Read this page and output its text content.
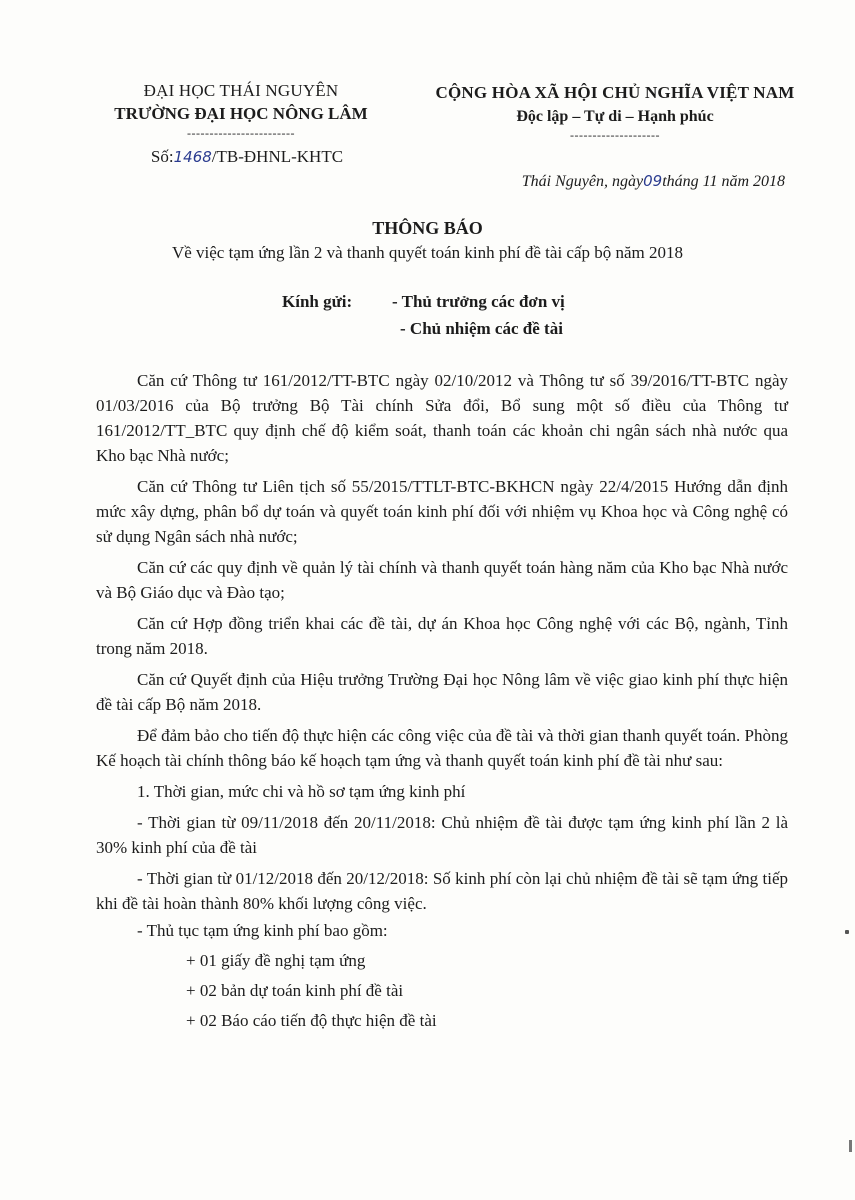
ĐẠI HỌC THÁI NGUYÊN
TRƯỜNG ĐẠI HỌC NÔNG LÂM
------------------------
Số:1468/TB-ĐHNL-KHTC
CỘNG HÒA XÃ HỘI CHỦ NGHĨA VIỆT NAM
Độc lập – Tự di – Hạnh phúc
--------------------
Thái Nguyên, ngày09tháng 11 năm 2018
THÔNG BÁO
Về việc tạm ứng lần 2 và thanh quyết toán kinh phí đề tài cấp bộ năm 2018
Kính gửi: - Thủ trưởng các đơn vị
- Chủ nhiệm các đề tài

Căn cứ Thông tư 161/2012/TT-BTC ngày 02/10/2012 và Thông tư số 39/2016/TT-BTC ngày 01/03/2016 của Bộ trưởng Bộ Tài chính Sửa đổi, Bổ sung một số điều của Thông tư 161/2012/TT_BTC quy định chế độ kiểm soát, thanh toán các khoản chi ngân sách nhà nước qua Kho bạc Nhà nước;

Căn cứ Thông tư Liên tịch số 55/2015/TTLT-BTC-BKHCN ngày 22/4/2015 Hướng dẫn định mức xây dựng, phân bổ dự toán và quyết toán kinh phí đối với nhiệm vụ Khoa học và Công nghệ có sử dụng Ngân sách nhà nước;

Căn cứ các quy định về quản lý tài chính và thanh quyết toán hàng năm của Kho bạc Nhà nước và Bộ Giáo dục và Đào tạo;

Căn cứ Hợp đồng triển khai các đề tài, dự án Khoa học Công nghệ với các Bộ, ngành, Tỉnh trong năm 2018.

Căn cứ Quyết định của Hiệu trưởng Trường Đại học Nông lâm về việc giao kinh phí thực hiện đề tài cấp Bộ năm 2018.

Để đảm bảo cho tiến độ thực hiện các công việc của đề tài và thời gian thanh quyết toán. Phòng Kế hoạch tài chính thông báo kế hoạch tạm ứng và thanh quyết toán kinh phí đề tài như sau:

1. Thời gian, mức chi và hồ sơ tạm ứng kinh phí

- Thời gian từ 09/11/2018 đến 20/11/2018: Chủ nhiệm đề tài được tạm ứng kinh phí lần 2 là 30% kinh phí của đề tài

- Thời gian từ 01/12/2018 đến 20/12/2018: Số kinh phí còn lại chủ nhiệm đề tài sẽ tạm ứng tiếp khi đề tài hoàn thành 80% khối lượng công việc.

- Thủ tục tạm ứng kinh phí bao gồm:
+ 01 giấy đề nghị tạm ứng
+ 02 bản dự toán kinh phí đề tài
+ 02 Báo cáo tiến độ thực hiện đề tài
